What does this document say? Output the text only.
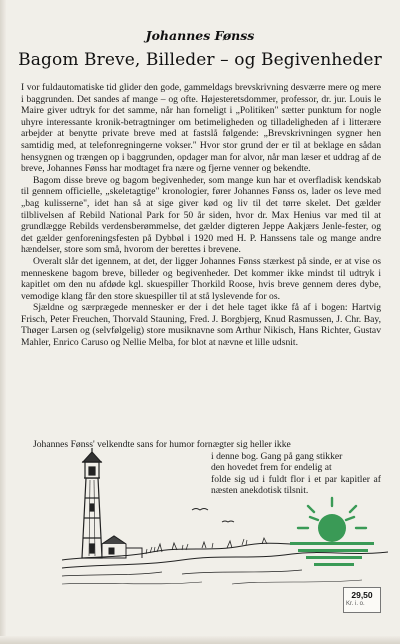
Johannes Fønss
Bagom Breve, Billeder – og Begivenheder

I vor fuldautomatiske tid glider den gode, gammeldags brevskrivning desværre mere og mere i baggrunden. Det sandes af mange – og ofte. Højesteretsdommer, professor, dr. jur. Louis le Maire giver udtryk for det samme, når han forneligt i „Politiken" sætter punktum for nogle uhyre interessante kronik-betragtninger om betimeligheden og tilladeligheden af i litterære arbejder at benytte private breve med at fastslå følgende: „Brevskrivningen sygner hen samtidig med, at telefonregningerne vokser." Hvor stor grund der er til at beklage en sådan hensygnen og trængen op i baggrunden, opdager man for alvor, når man læser et uddrag af de breve, Johannes Fønss har modtaget fra nære og fjerne venner og bekendte.

Bagom disse breve og bagom begivenheder, som mange kun har et overfladisk kendskab til gennem officielle, „skeletagtige" kronologier, fører Johannes Fønss os, lader os leve med „bag kulisserne", idet han så at sige giver kød og liv til det tørre skelet. Det gælder tilblivelsen af Rebild National Park for 50 år siden, hvor dr. Max Henius var med til at grundlægge Rebilds verdensberømmelse, det gælder digteren Jeppe Aakjærs Jenle-fester, og det gælder genforeningsfesten på Dybbøl i 1920 med H. P. Hanssens tale og mange andre hændelser, store som små, hvorom der berettes i brevene.

Overalt slår det igennem, at det, der ligger Johannes Fønss stærkest på sinde, er at vise os menneskene bagom breve, billeder og begivenheder. Det kommer ikke mindst til udtryk i kapitlet om den nu afdøde kgl. skuespiller Thorkild Roose, hvis breve gennem deres dybe, vemodige klang får den store skuespiller til at stå lyslevende for os.

Sjældne og særprægede mennesker er der i det hele taget ikke få af i bogen: Hartvig Frisch, Peter Freuchen, Thorvald Stauning, Fred. J. Borgbjerg, Knud Rasmussen, J. Chr. Bay, Thøger Larsen og (selvfølgelig) store musiknavne som Arthur Nikisch, Hans Richter, Gustav Mahler, Enrico Caruso og Nellie Melba, for blot at nævne et lille udsnit.

Johannes Fønss' velkendte sans for humor fornægter sig heller ikke
i denne bog. Gang på gang stikker
den hovedet frem for endelig at
folde sig ud i fuldt flor i et par kapitler af næsten anekdotisk tilsnit.
29,50
Kr. i. o.
